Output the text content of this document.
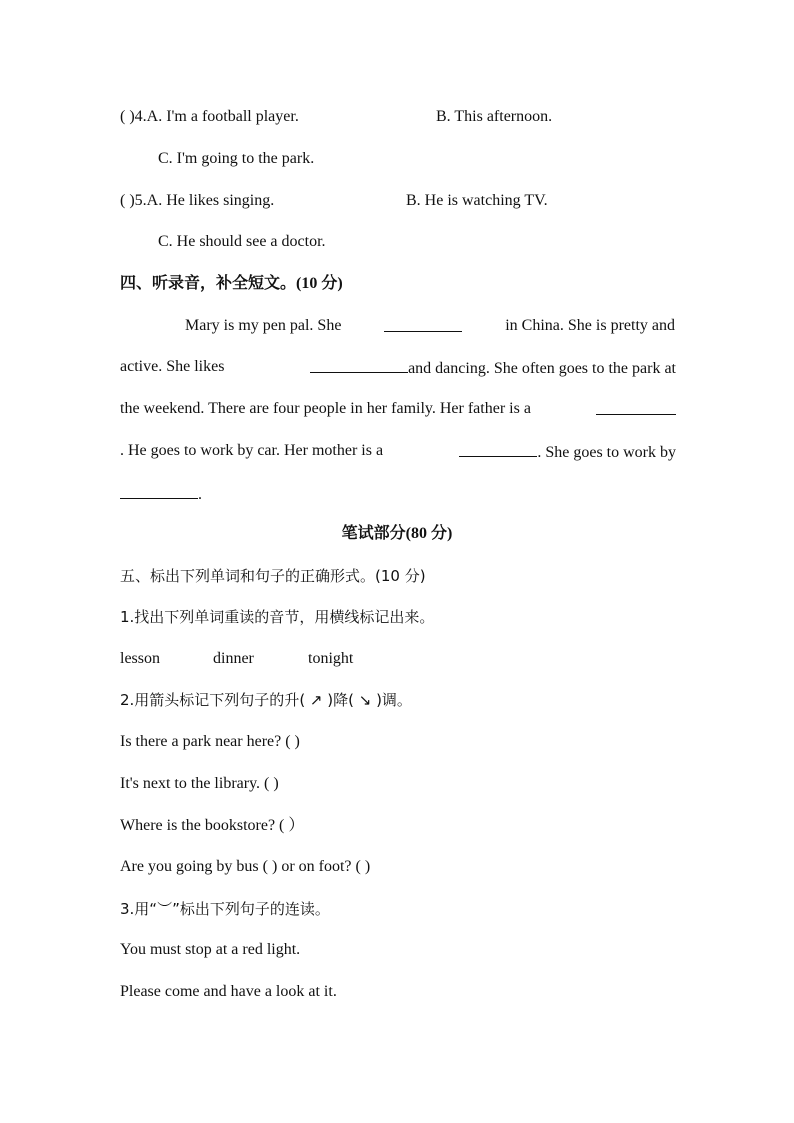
( )4.A. I'm a football player.	B. This afternoon.
C. I'm going to the park.
( )5.A. He likes singing.	B. He is watching TV.
C. He should see a doctor.
四、听录音，补全短文。(10 分)
Mary is my pen pal. She	in China. She is pretty and
active. She likes	and dancing. She often goes to the park at
the weekend. There are four people in her family. Her father is a
. He goes to work by car. Her mother is a	. She goes to work by
.
笔试部分(80 分)
五、标出下列单词和句子的正确形式。(10 分)
1.找出下列单词重读的音节，用横线标记出来。
lesson	dinner	tonight
2.用箭头标记下列句子的升( ↗ )降( ↘ )调。
Is there a park near here? ( )
It's next to the library. ( )
Where is the bookstore? ( ）
Are you going by bus ( ) or on foot? ( )
3.用“︶”标出下列句子的连读。
You must stop at a red light.
Please come and have a look at it.
